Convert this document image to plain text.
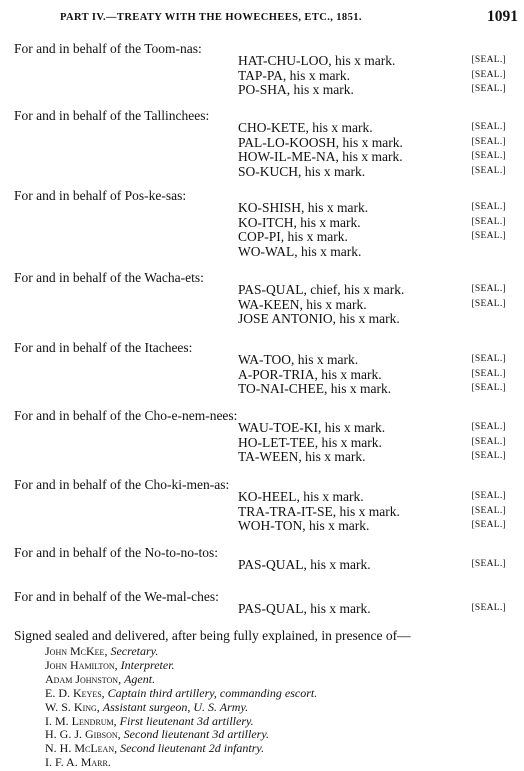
PART IV.—TREATY WITH THE HOWECHEES, ETC., 1851.	1091
For and in behalf of the Toom-nas:
HAT-CHU-LOO, his x mark.	[SEAL.]
TAP-PA, his x mark.	[SEAL.]
PO-SHA, his x mark.	[SEAL.]
For and in behalf of the Tallinchees:
CHO-KETE, his x mark.	[SEAL.]
PAL-LO-KOOSH, his x mark.	[SEAL.]
HOW-IL-ME-NA, his x mark.	[SEAL.]
SO-KUCH, his x mark.	[SEAL.]
For and in behalf of Pos-ke-sas:
KO-SHISH, his x mark.	[SEAL.]
KO-ITCH, his x mark.	[SEAL.]
COP-PI, his x mark.	[SEAL.]
WO-WAL, his x mark.
For and in behalf of the Wacha-ets:
PAS-QUAL, chief, his x mark.	[SEAL.]
WA-KEEN, his x mark.	[SEAL.]
JOSE ANTONIO, his x mark.
For and in behalf of the Itachees:
WA-TOO, his x mark.	[SEAL.]
A-POR-TRIA, his x mark.	[SEAL.]
TO-NAI-CHEE, his x mark.	[SEAL.]
For and in behalf of the Cho-e-nem-nees:
WAU-TOE-KI, his x mark.	[SEAL.]
HO-LET-TEE, his x mark.	[SEAL.]
TA-WEEN, his x mark.	[SEAL.]
For and in behalf of the Cho-ki-men-as:
KO-HEEL, his x mark.	[SEAL.]
TRA-TRA-IT-SE, his x mark.	[SEAL.]
WOH-TON, his x mark.	[SEAL.]
For and in behalf of the No-to-no-tos:
PAS-QUAL, his x mark.	[SEAL.]
For and in behalf of the We-mal-ches:
PAS-QUAL, his x mark.	[SEAL.]
Signed sealed and delivered, after being fully explained, in presence of—
John McKee, Secretary.
John Hamilton, Interpreter.
Adam Johnston, Agent.
E. D. Keyes, Captain third artillery, commanding escort.
W. S. King, Assistant surgeon, U. S. Army.
I. M. Lendrum, First lieutenant 3d artillery.
H. G. J. Gibson, Second lieutenant 3d artillery.
N. H. McLean, Second lieutenant 2d infantry.
I. F. A. Marr.
